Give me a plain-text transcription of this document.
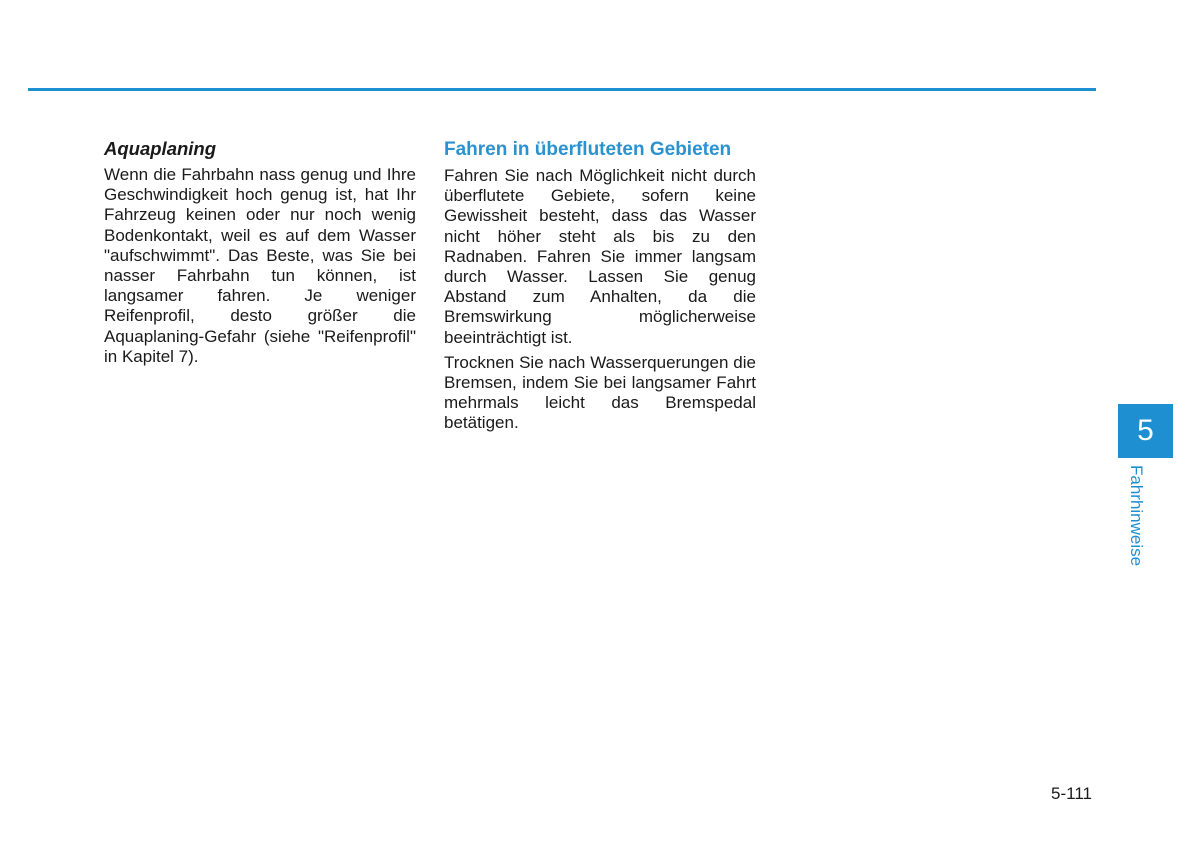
Aquaplaning

Wenn die Fahrbahn nass genug und Ihre Geschwindigkeit hoch genug ist, hat Ihr Fahrzeug keinen oder nur noch wenig Bodenkontakt, weil es auf dem Wasser "aufschwimmt". Das Beste, was Sie bei nasser Fahrbahn tun können, ist langsamer fahren. Je weniger Reifenprofil, desto größer die Aquaplaning-Gefahr (siehe "Reifenprofil" in Kapitel 7).

Fahren in überfluteten Gebieten

Fahren Sie nach Möglichkeit nicht durch überflutete Gebiete, sofern keine Gewissheit besteht, dass das Wasser nicht höher steht als bis zu den Radnaben. Fahren Sie immer langsam durch Wasser. Lassen Sie genug Abstand zum Anhalten, da die Bremswirkung möglicherweise beeinträchtigt ist.

Trocknen Sie nach Wasserquerungen die Bremsen, indem Sie bei langsamer Fahrt mehrmals leicht das Bremspedal betätigen.	5
Fahrhinweise
5-111
